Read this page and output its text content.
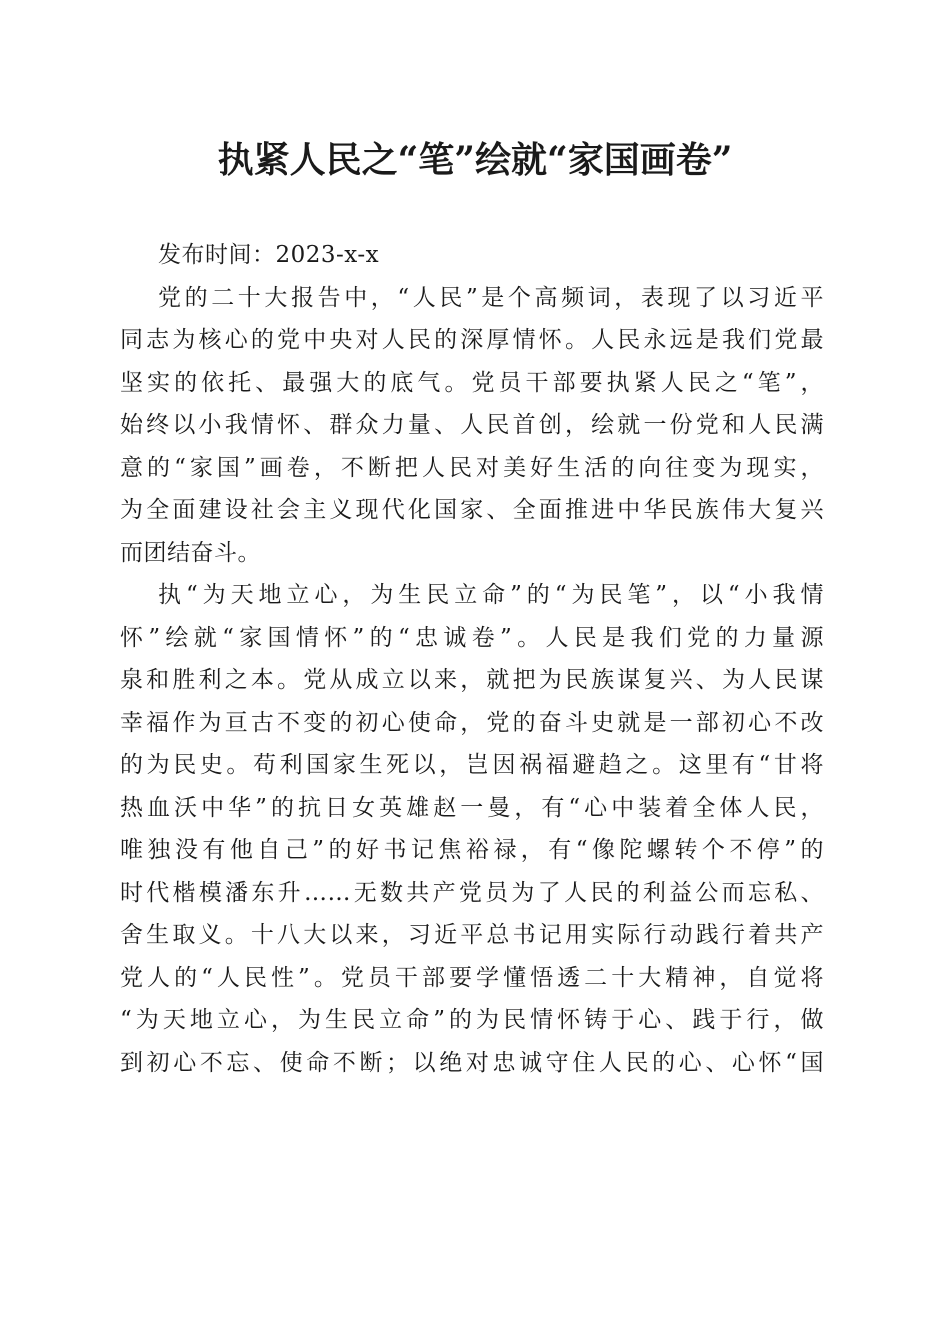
执紧人民之“笔”绘就“家国画卷”
发布时间：2023-x-x
党的二十大报告中，“人民”是个高频词，表现了以习近平
同志为核心的党中央对人民的深厚情怀。人民永远是我们党最
坚实的依托、最强大的底气。党员干部要执紧人民之“笔”，
始终以小我情怀、群众力量、人民首创，绘就一份党和人民满
意的“家国”画卷，不断把人民对美好生活的向往变为现实，
为全面建设社会主义现代化国家、全面推进中华民族伟大复兴
而团结奋斗。
执“为天地立心，为生民立命”的“为民笔”，以“小我情
怀”绘就“家国情怀”的“忠诚卷”。人民是我们党的力量源
泉和胜利之本。党从成立以来，就把为民族谋复兴、为人民谋
幸福作为亘古不变的初心使命，党的奋斗史就是一部初心不改
的为民史。苟利国家生死以，岂因祸福避趋之。这里有“甘将
热血沃中华”的抗日女英雄赵一曼，有“心中装着全体人民，
唯独没有他自己”的好书记焦裕禄，有“像陀螺转个不停”的
时代楷模潘东升……无数共产党员为了人民的利益公而忘私、
舍生取义。十八大以来，习近平总书记用实际行动践行着共产
党人的“人民性”。党员干部要学懂悟透二十大精神，自觉将
“为天地立心，为生民立命”的为民情怀铸于心、践于行，做
到初心不忘、使命不断；以绝对忠诚守住人民的心、心怀“国
